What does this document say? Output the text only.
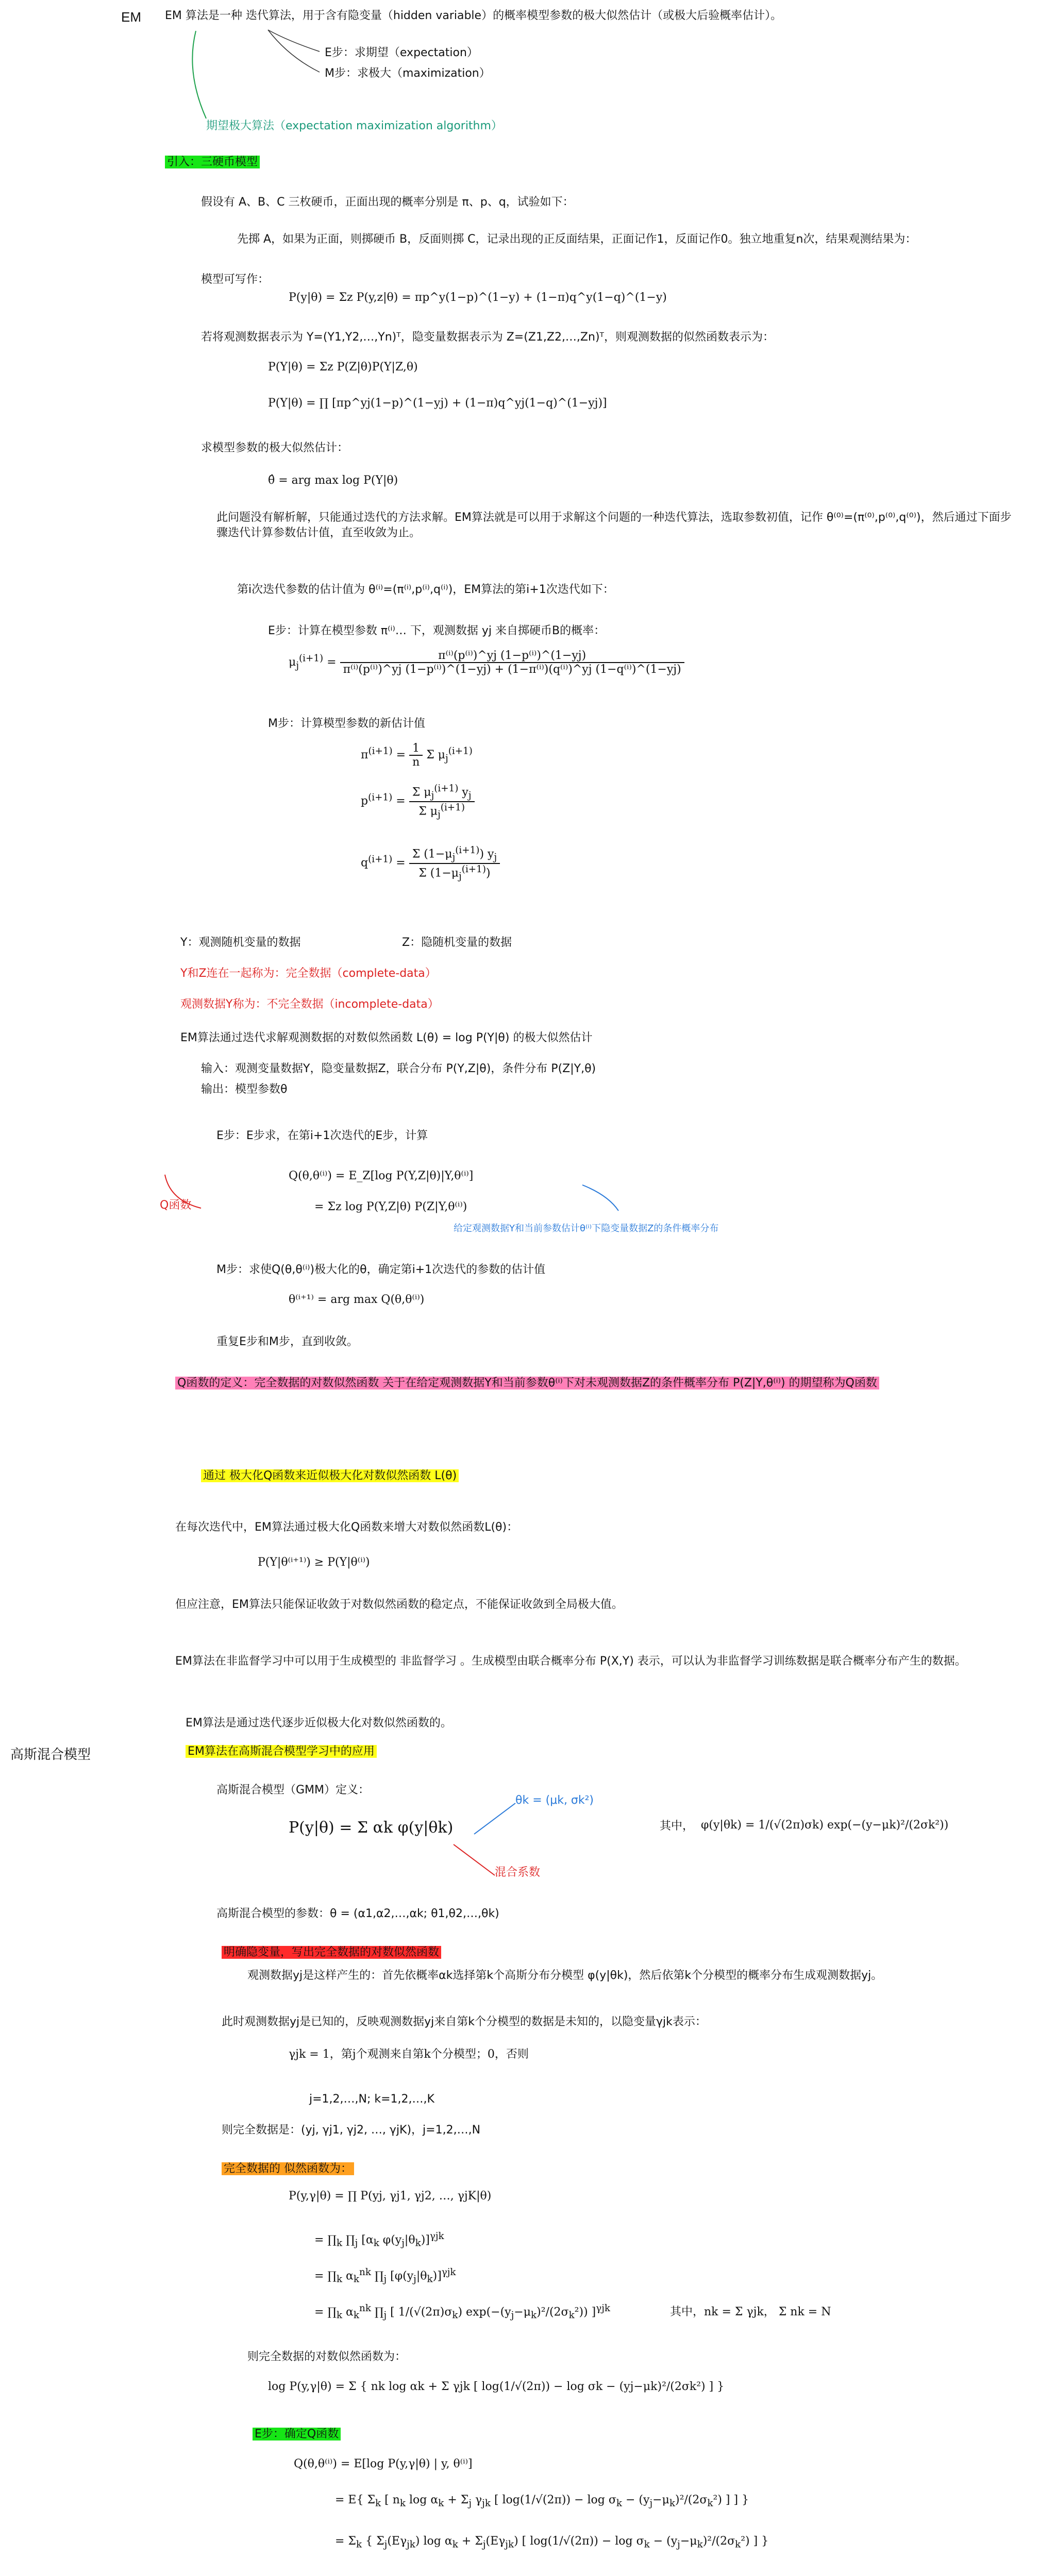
EM EM 算法是一种 迭代算法，用于含有隐变量（hidden variable）的概率模型参数的极大似然估计（或极大后验概率估计）。
E步：求期望（expectation）
M步：求极大（maximization）
期望极大算法（expectation maximization algorithm）
引入：三硬币模型
假设有 A、B、C 三枚硬币，正面出现的概率分别是 π、p、q，试验如下：
先掷 A，如果为正面，则掷硬币 B，反面则掷 C，记录出现的正反面结果，正面记作1，反面记作0。独立地重复n次，结果观测结果为：
模型可写作：
P(y|θ) = Σz P(y,z|θ) = πp^y(1−p)^(1−y) + (1−π)q^y(1−q)^(1−y)
若将观测数据表示为 Y=(Y1,Y2,…,Yn)ᵀ，隐变量数据表示为 Z=(Z1,Z2,…,Zn)ᵀ，则观测数据的似然函数表示为：
P(Y|θ) = Σz P(Z|θ)P(Y|Z,θ)
P(Y|θ) = ∏ [πp^yj(1−p)^(1−yj) + (1−π)q^yj(1−q)^(1−yj)]
求模型参数的极大似然估计：
θ̂ = arg max log P(Y|θ)
此问题没有解析解，只能通过迭代的方法求解。EM算法就是可以用于求解这个问题的一种迭代算法，选取参数初值，记作 θ⁽⁰⁾=(π⁽⁰⁾,p⁽⁰⁾,q⁽⁰⁾)，然后通过下面步骤迭代计算参数估计值，直至收敛为止。
第i次迭代参数的估计值为 θ⁽ⁱ⁾=(π⁽ⁱ⁾,p⁽ⁱ⁾,q⁽ⁱ⁾)，EM算法的第i+1次迭代如下：
E步：计算在模型参数 π⁽ⁱ⁾… 下，观测数据 yj 来自掷硬币B的概率：
$\mu_j^{(i+1)}$ =
π⁽ⁱ⁾(p⁽ⁱ⁾)^yj (1−p⁽ⁱ⁾)^(1−yj)
π⁽ⁱ⁾(p⁽ⁱ⁾)^yj (1−p⁽ⁱ⁾)^(1−yj) + (1−π⁽ⁱ⁾)(q⁽ⁱ⁾)^yj (1−q⁽ⁱ⁾)^(1−yj)
M步：计算模型参数的新估计值
$\pi^{(i+1)} = \frac{1}{n}$ Σ $\mu_j^{(i+1)}$
$p^{(i+1)} = \frac{\Sigma \mu_j^{(i+1)} y_j}{\Sigma \mu_j^{(i+1)}}$
$q^{(i+1)} = \frac{\Sigma (1-\mu_j^{(i+1)}) y_j}{\Sigma (1-\mu_j^{(i+1)})}$
Y：观测随机变量的数据	Z：隐随机变量的数据
Y和Z连在一起称为：完全数据（complete-data）
观测数据Y称为：不完全数据（incomplete-data）
EM算法通过迭代求解观测数据的对数似然函数 L(θ) = log P(Y|θ) 的极大似然估计
输入：观测变量数据Y，隐变量数据Z，联合分布 P(Y,Z|θ)，条件分布 P(Z|Y,θ)
输出：模型参数θ
E步：E步求，在第i+1次迭代的E步，计算
Q函数
Q(θ,θ⁽ⁱ⁾) = E_Z[log P(Y,Z|θ)|Y,θ⁽ⁱ⁾]
= Σz log P(Y,Z|θ) P(Z|Y,θ⁽ⁱ⁾)
给定观测数据Y和当前参数估计θ⁽ⁱ⁾下隐变量数据Z的条件概率分布
M步：求使Q(θ,θ⁽ⁱ⁾)极大化的θ，确定第i+1次迭代的参数的估计值
θ⁽ⁱ⁺¹⁾ = arg max Q(θ,θ⁽ⁱ⁾)
重复E步和M步，直到收敛。
Q函数的定义：完全数据的对数似然函数 关于在给定观测数据Y和当前参数θ⁽ⁱ⁾下对未观测数据Z的条件概率分布 P(Z|Y,θ⁽ⁱ⁾) 的期望称为Q函数
通过 极大化Q函数来近似极大化对数似然函数 L(θ)
在每次迭代中，EM算法通过极大化Q函数来增大对数似然函数L(θ)：
P(Y|θ⁽ⁱ⁺¹⁾) ≥ P(Y|θ⁽ⁱ⁾)
但应注意，EM算法只能保证收敛于对数似然函数的稳定点，不能保证收敛到全局极大值。
EM算法在非监督学习中可以用于生成模型的 非监督学习 。生成模型由联合概率分布 P(X,Y) 表示，可以认为非监督学习训练数据是联合概率分布产生的数据。
EM算法是通过迭代逐步近似极大化对数似然函数的。
高斯混合模型	EM算法在高斯混合模型学习中的应用
高斯混合模型（GMM）定义：
P(y|θ) = Σ αk φ(y|θk)
θk = (μk, σk²)
混合系数
其中， φ(y|θk) = 1/(√(2π)σk) exp(−(y−μk)²/(2σk²))
高斯混合模型的参数：θ = (α1,α2,…,αk; θ1,θ2,…,θk)
明确隐变量，写出完全数据的对数似然函数
观测数据yj是这样产生的：首先依概率αk选择第k个高斯分布分模型 φ(y|θk)，然后依第k个分模型的概率分布生成观测数据yj。
此时观测数据yj是已知的，反映观测数据yj来自第k个分模型的数据是未知的，以隐变量γjk表示：
γjk = 1，第j个观测来自第k个分模型；0，否则
j=1,2,…,N; k=1,2,…,K
则完全数据是：(yj, γj1, γj2, …, γjK)，j=1,2,…,N
完全数据的 似然函数为：
P(y,γ|θ) = ∏ P(yj, γj1, γj2, …, γjK|θ)
= $\prod_k$ $\prod_j$ [$\alpha_k$ $\varphi(y_j|\theta_k)]^{\gamma jk}$
= $\prod_k$ $\alpha_k^{nk}$ $\prod_j$ $[\varphi(y_j|\theta_k)]^{\gamma jk}$
= $\prod_k$ $\alpha_k^{nk}$ $\prod_j$ [ $1/(√(2\pi)\sigma_k)$ $\exp(-(y_j-\mu_k)^2/(2\sigma_k^2))$ ]$^{\gamma jk}$	其中，nk = Σ γjk， Σ nk = N
则完全数据的对数似然函数为：
log P(y,γ|θ) = Σ { nk log αk + Σ γjk [ log(1/√(2π)) − log σk − (yj−μk)²/(2σk²) ] }
E步：确定Q函数
Q(θ,θ⁽ⁱ⁾) = E[log P(y,γ|θ) | y, θ⁽ⁱ⁾]
= E{ $\Sigma_k$ [ $n_k$ $\log \alpha_k + \Sigma_j$ $\gamma_{jk}$ [ $\log(1/√(2\pi)) - \log \sigma_k - (y_j-\mu_k)^2/(2\sigma_k^2)$ ] ] }
= $\Sigma_k$ { $\Sigma_j(E\gamma_{jk})$ $\log \alpha_k + \Sigma_j(E\gamma_{jk})$ [ $\log(1/√(2\pi)) - \log \sigma_k - (y_j-\mu_k)^2/(2\sigma_k^2)$ ] }
